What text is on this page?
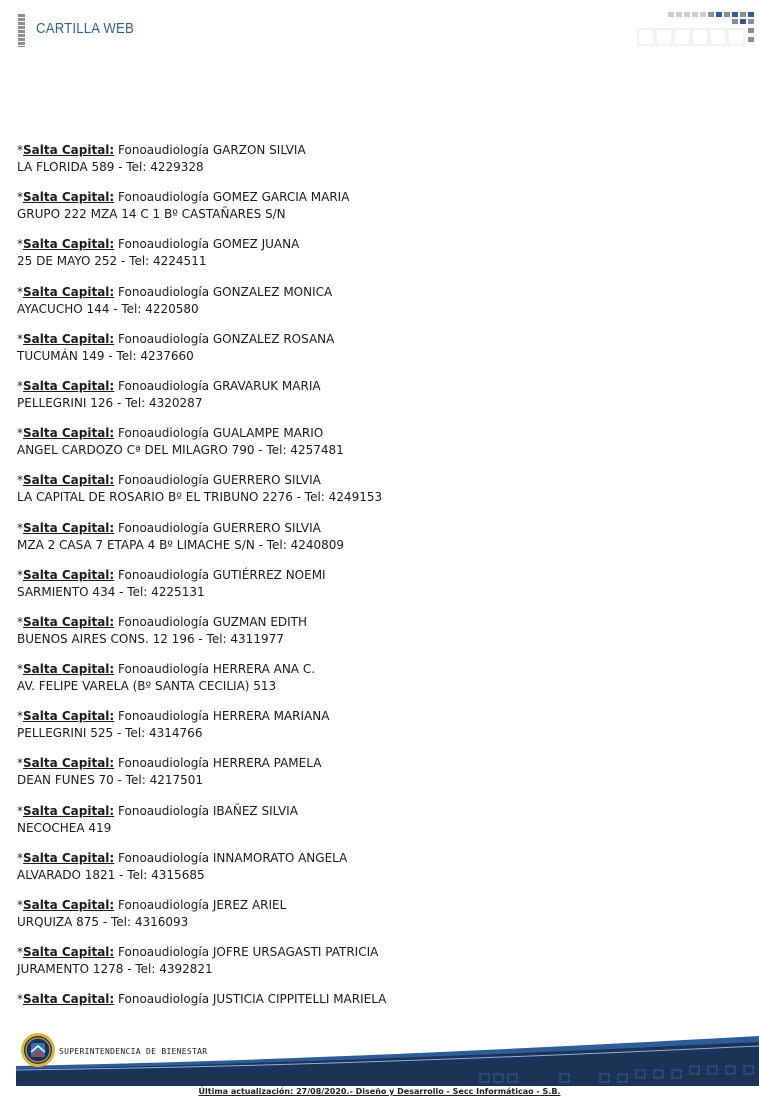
CARTILLA WEB
*Salta Capital: Fonoaudiología GARZON SILVIA
LA FLORIDA 589 - Tel: 4229328
*Salta Capital: Fonoaudiología GOMEZ GARCIA MARIA
GRUPO 222 MZA 14 C 1 Bº CASTAÑARES S/N
*Salta Capital: Fonoaudiología GOMEZ JUANA
25 DE MAYO 252 - Tel: 4224511
*Salta Capital: Fonoaudiología GONZALEZ MONICA
AYACUCHO 144 - Tel: 4220580
*Salta Capital: Fonoaudiología GONZALEZ ROSANA
TUCUMÁN 149 - Tel: 4237660
*Salta Capital: Fonoaudiología GRAVARUK MARIA
PELLEGRINI 126 - Tel: 4320287
*Salta Capital: Fonoaudiología GUALAMPE MARIO
ANGEL CARDOZO Cª DEL MILAGRO 790 - Tel: 4257481
*Salta Capital: Fonoaudiología GUERRERO SILVIA
LA CAPITAL DE ROSARIO Bº EL TRIBUNO 2276 - Tel: 4249153
*Salta Capital: Fonoaudiología GUERRERO SILVIA
MZA 2 CASA 7 ETAPA 4 Bº LIMACHE S/N - Tel: 4240809
*Salta Capital: Fonoaudiología GUTIÉRREZ NOEMI
SARMIENTO 434 - Tel: 4225131
*Salta Capital: Fonoaudiología GUZMAN EDITH
BUENOS AIRES CONS. 12 196 - Tel: 4311977
*Salta Capital: Fonoaudiología HERRERA ANA C.
AV. FELIPE VARELA (Bº SANTA CECILIA) 513
*Salta Capital: Fonoaudiología HERRERA MARIANA
PELLEGRINI 525 - Tel: 4314766
*Salta Capital: Fonoaudiología HERRERA PAMELA
DEAN FUNES 70 - Tel: 4217501
*Salta Capital: Fonoaudiología IBAÑEZ SILVIA
NECOCHEA 419
*Salta Capital: Fonoaudiología INNAMORATO ANGELA
ALVARADO 1821 - Tel: 4315685
*Salta Capital: Fonoaudiología JEREZ ARIEL
URQUIZA 875 - Tel: 4316093
*Salta Capital: Fonoaudiología JOFRE URSAGASTI PATRICIA
JURAMENTO 1278 - Tel: 4392821
*Salta Capital: Fonoaudiología JUSTICIA CIPPITELLI MARIELA
SUPERINTENDENCIA DE BIENESTAR
Última actualización: 27/08/2020.- Diseño y Desarrollo - Secc Informáticao - S.B.
